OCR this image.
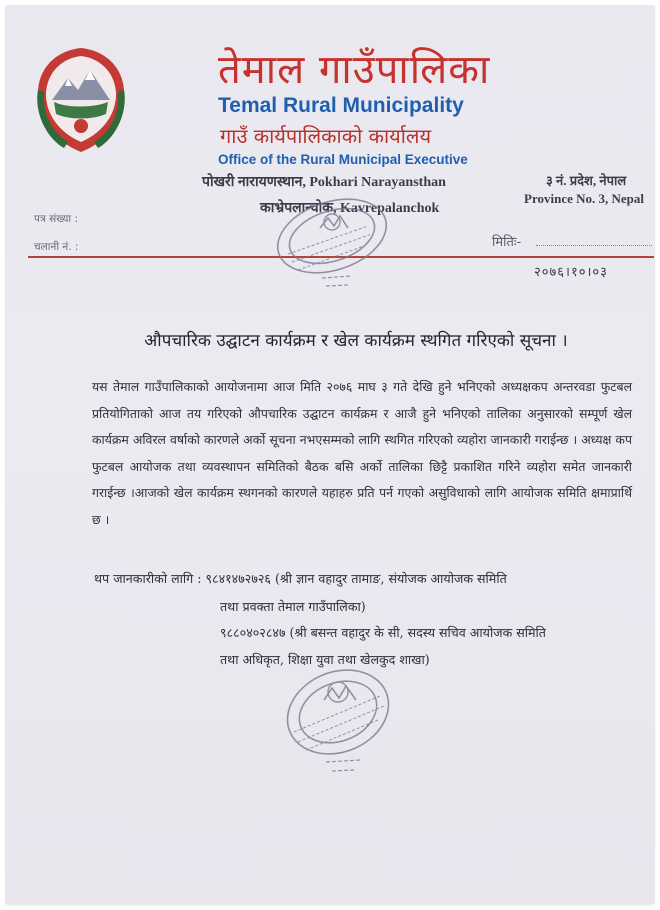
तेमाल गाउँपालिका
Temal Rural Municipality
गाउँ कार्यपालिकाको कार्यालय
Office of the Rural Municipal Executive
पोखरी नारायणस्थान, Pokhari Narayansthan
काभ्रेपलान्चोक, Kavrepalanchok
३ नं. प्रदेश, नेपाल
Province No. 3, Nepal
पत्र संख्या :
चलानी नं. :	मितिः-
२०७६।१०।०३
औपचारिक उद्घाटन कार्यक्रम र खेल कार्यक्रम स्थगित गरिएको सूचना ।
यस तेमाल गाउँपालिकाको आयोजनामा आज मिति २०७६ माघ ३ गते देखि हुने भनिएको अध्यक्षकप अन्तरवडा फुटबल प्रतियोगिताको आज तय गरिएको औपचारिक उद्घाटन कार्यक्रम र आजै हुने भनिएको तालिका अनुसारको सम्पूर्ण खेल कार्यक्रम अविरल वर्षाको कारणले अर्को सूचना नभएसम्मको लागि स्थगित गरिएको व्यहोरा जानकारी गराईन्छ । अध्यक्ष कप फुटबल आयोजक तथा व्यवस्थापन समितिको बैठक बसि अर्को तालिका छिट्टै प्रकाशित गरिने व्यहोरा समेत जानकारी गराईन्छ ।आजको खेल कार्यक्रम स्थगनको कारणले यहाहरु प्रति पर्न गएको असुविधाको लागि आयोजक समिति क्षमाप्रार्थि छ ।
थप जानकारीको लागि : ९८४१४७२७२६ (श्री ज्ञान वहादुर तामाङ, संयोजक आयोजक समिति
तथा प्रवक्ता तेमाल गाउँपालिका)
९८८०४०२८४७ (श्री बसन्त वहादुर के सी, सदस्य सचिव आयोजक समिति
तथा अधिकृत, शिक्षा युवा तथा खेलकुद शाखा)
